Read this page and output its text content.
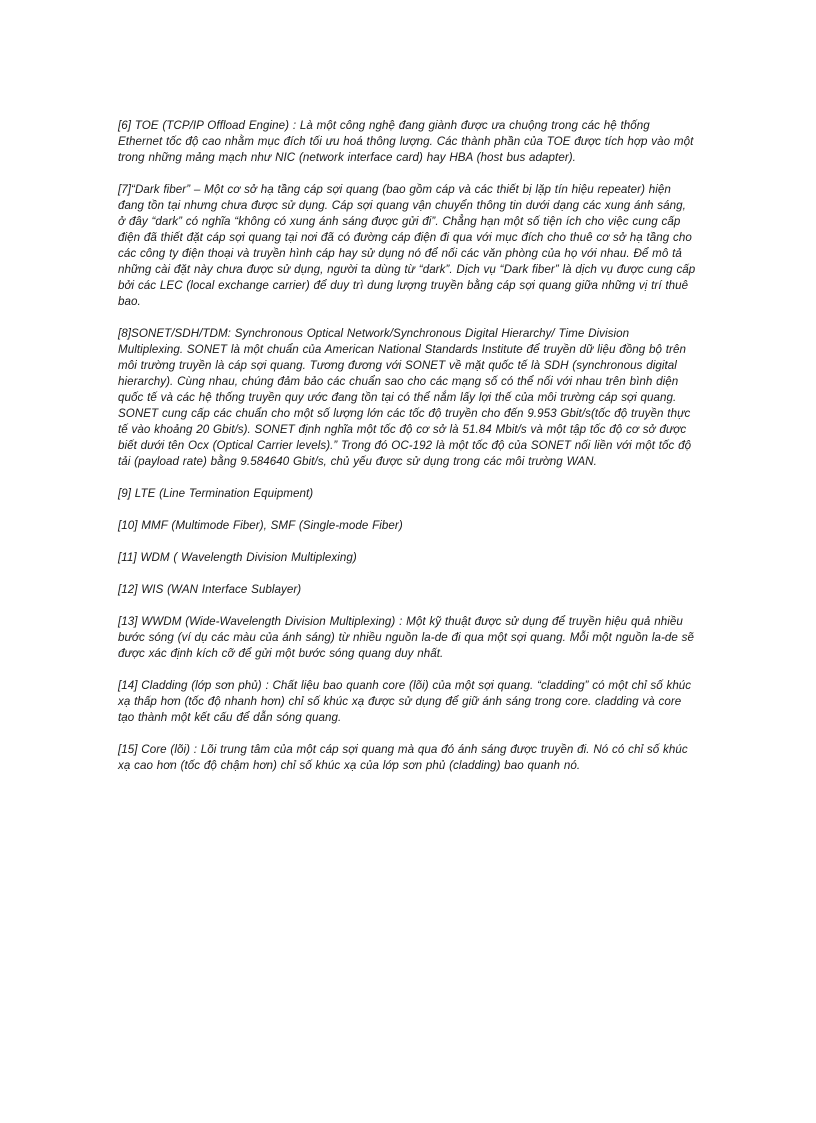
[6] TOE (TCP/IP Offload Engine) : Là một công nghệ đang giành được ưa chuộng trong các hệ thống Ethernet tốc độ cao nhằm mục đích tối ưu hoá thông lượng. Các thành phần của TOE được tích hợp vào một trong những mảng mạch như NIC (network interface card) hay HBA (host bus adapter).

[7]“Dark fiber” – Một cơ sở hạ tầng cáp sợi quang (bao gồm cáp và các thiết bị lặp tín hiệu repeater) hiện đang tồn tại nhưng chưa được sử dụng. Cáp sợi quang vận chuyển thông tin dưới dạng các xung ánh sáng, ở đây “dark” có nghĩa “không có xung ánh sáng được gửi đi”. Chẳng hạn một số tiện ích cho việc cung cấp điện đã thiết đặt cáp sợi quang tại nơi đã có đường cáp điện đi qua với mục đích cho thuê cơ sở hạ tầng cho các công ty điện thoại và truyền hình cáp hay sử dụng nó để nối các văn phòng của họ với nhau. Để mô tả những cài đặt này chưa được sử dụng, người ta dùng từ “dark”. Dịch vụ “Dark fiber” là dịch vụ được cung cấp bởi các LEC (local exchange carrier) để duy trì dung lượng truyền bằng cáp sợi quang giữa những vị trí thuê bao.

[8]SONET/SDH/TDM: Synchronous Optical Network/Synchronous Digital Hierarchy/ Time Division Multiplexing. SONET là một chuẩn của American National Standards Institute để truyền dữ liệu đồng bộ trên môi trường truyền là cáp sợi quang. Tương đương với SONET về mặt quốc tế là SDH (synchronous digital hierarchy). Cùng nhau, chúng đảm bảo các chuẩn sao cho các mạng số có thể nối với nhau trên bình diện quốc tế và các hệ thống truyền quy ước đang tồn tại có thể nắm lấy lợi thế của môi trường cáp sợi quang. SONET cung cấp các chuẩn cho một số lượng lớn các tốc độ truyền cho đến 9.953 Gbit/s(tốc độ truyền thực tế vào khoảng 20 Gbit/s). SONET định nghĩa một tốc độ cơ sở là 51.84 Mbit/s và một tập tốc độ cơ sở được biết dưới tên Ocx (Optical Carrier levels).” Trong đó OC-192 là một tốc độ của SONET nối liền với một tốc độ tải (payload rate) bằng 9.584640 Gbit/s, chủ yếu được sử dụng trong các môi trường WAN.

[9] LTE (Line Termination Equipment)

[10] MMF (Multimode Fiber), SMF (Single-mode Fiber)

[11] WDM ( Wavelength Division Multiplexing)

[12] WIS (WAN Interface Sublayer)

[13] WWDM (Wide-Wavelength Division Multiplexing) : Một kỹ thuật được sử dụng để truyền hiệu quả nhiều bước sóng (ví dụ các màu của ánh sáng) từ nhiều nguồn la-de đi qua một sợi quang. Mỗi một nguồn la-de sẽ được xác định kích cỡ để gửi một bước sóng quang duy nhất.

[14] Cladding (lớp sơn phủ) : Chất liệu bao quanh core (lõi) của một sợi quang. “cladding” có một chỉ số khúc xạ thấp hơn (tốc độ nhanh hơn) chỉ số khúc xạ được sử dụng để giữ ánh sáng trong core. cladding và core tạo thành một kết cấu để dẫn sóng quang.

[15] Core (lõi) : Lõi trung tâm của một cáp sợi quang mà qua đó ánh sáng được truyền đi. Nó có chỉ số khúc xạ cao hơn (tốc độ chậm hơn) chỉ số khúc xạ của lớp sơn phủ (cladding) bao quanh nó.
